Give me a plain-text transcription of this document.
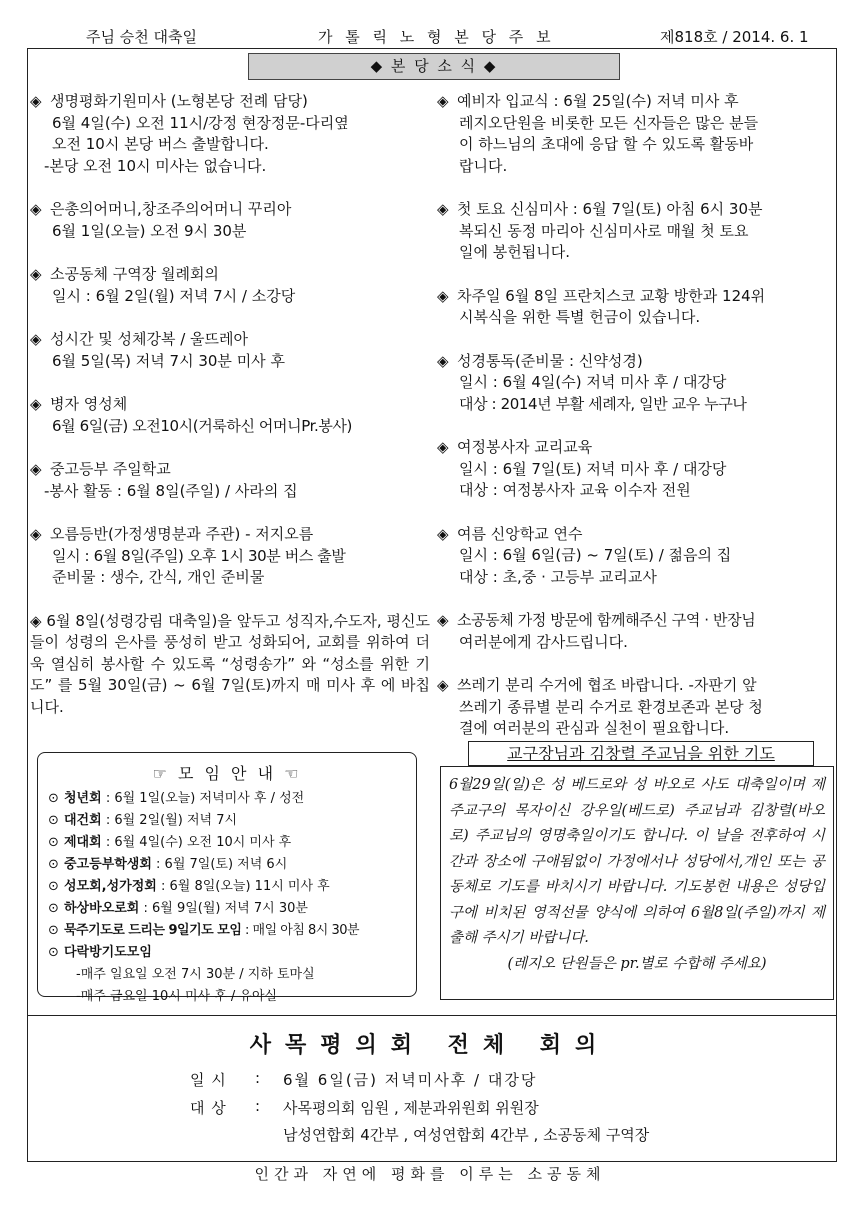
주님 승천 대축일	가 톨 릭 노 형 본 당 주 보	제818호 / 2014. 6. 1
◆ 본 당 소 식 ◆
◈ 생명평화기원미사 (노형본당 전례 담당)
6월 4일(수) 오전 11시/강정 현장정문-다리옆
오전 10시 본당 버스 출발합니다.
-본당 오전 10시 미사는 없습니다.
◈ 은총의어머니,창조주의어머니 꾸리아
6월 1일(오늘) 오전 9시 30분
◈ 소공동체 구역장 월례회의
일시 : 6월 2일(월) 저녁 7시 / 소강당
◈ 성시간 및 성체강복 / 울뜨레아
6월 5일(목) 저녁 7시 30분 미사 후
◈ 병자 영성체
6월 6일(금) 오전10시(거룩하신 어머니Pr.봉사)
◈ 중고등부 주일학교
-봉사 활동 : 6월 8일(주일) / 사라의 집
◈ 오름등반(가정생명분과 주관) - 저지오름
일시 : 6월 8일(주일) 오후 1시 30분 버스 출발
준비물 : 생수, 간식, 개인 준비물
◈ 6월 8일(성령강림 대축일)을 앞두고 성직자,수도자, 평신도들이 성령의 은사를 풍성히 받고 성화되어, 교회를 위하여 더욱 열심히 봉사할 수 있도록 “성령송가” 와 “성소를 위한 기도” 를 5월 30일(금) ~ 6월 7일(토)까지 매 미사 후 에 바칩니다.
◈ 예비자 입교식 : 6월 25일(수) 저녁 미사 후
레지오단원을 비롯한 모든 신자들은 많은 분들
이 하느님의 초대에 응답 할 수 있도록 활동바
랍니다.
◈ 첫 토요 신심미사 : 6월 7일(토) 아침 6시 30분
복되신 동정 마리아 신심미사로 매월 첫 토요
일에 봉헌됩니다.
◈ 차주일 6월 8일 프란치스코 교황 방한과 124위
시복식을 위한 특별 헌금이 있습니다.
◈ 성경통독(준비물 : 신약성경)
일시 : 6월 4일(수) 저녁 미사 후 / 대강당
대상 : 2014년 부활 세례자, 일반 교우 누구나
◈ 여정봉사자 교리교육
일시 : 6월 7일(토) 저녁 미사 후 / 대강당
대상 : 여정봉사자 교육 이수자 전원
◈ 여름 신앙학교 연수
일시 : 6월 6일(금) ~ 7일(토) / 젊음의 집
대상 : 초,중 · 고등부 교리교사
◈ 소공동체 가정 방문에 함께해주신 구역 · 반장님
여러분에게 감사드립니다.
◈ 쓰레기 분리 수거에 협조 바랍니다. -자판기 앞
쓰레기 종류별 분리 수거로 환경보존과 본당 청
결에 여러분의 관심과 실천이 필요합니다.
☞ 모 임 안 내 ☜
⊙ 청년회 : 6월 1일(오늘) 저녁미사 후 / 성전
⊙ 대건회 : 6월 2일(월) 저녁 7시
⊙ 제대회 : 6월 4일(수) 오전 10시 미사 후
⊙ 중고등부학생회 : 6월 7일(토) 저녁 6시
⊙ 성모회,성가정회 : 6월 8일(오늘) 11시 미사 후
⊙ 하상바오로회 : 6월 9일(월) 저녁 7시 30분
⊙ 묵주기도로 드리는 9일기도 모임 : 매일 아침 8시 30분
⊙ 다락방기도모임
-매주 일요일 오전 7시 30분 / 지하 토마실
-매주 금요일 10시 미사 후 / 유아실
교구장님과 김창렬 주교님을 위한 기도
6월29일(일)은 성 베드로와 성 바오로 사도 대축일이며 제주교구의 목자이신 강우일(베드로) 주교님과 김창렬(바오로) 주교님의 영명축일이기도 합니다. 이 날을 전후하여 시간과 장소에 구애됨없이 가정에서나 성당에서,개인 또는 공동체로 기도를 바치시기 바랍니다. 기도봉헌 내용은 성당입구에 비치된 영적선물 양식에 의하여 6월8일(주일)까지 제출해 주시기 바랍니다.
(레지오 단원들은 pr.별로 수합해 주세요)
사목평의회 전체 회의
일 시 : 6월 6일(금) 저녁미사후 / 대강당
대 상 : 사목평의회 임원 , 제분과위원회 위원장
남성연합회 4간부 , 여성연합회 4간부 , 소공동체 구역장
인간과 자연에 평화를 이루는 소공동체
